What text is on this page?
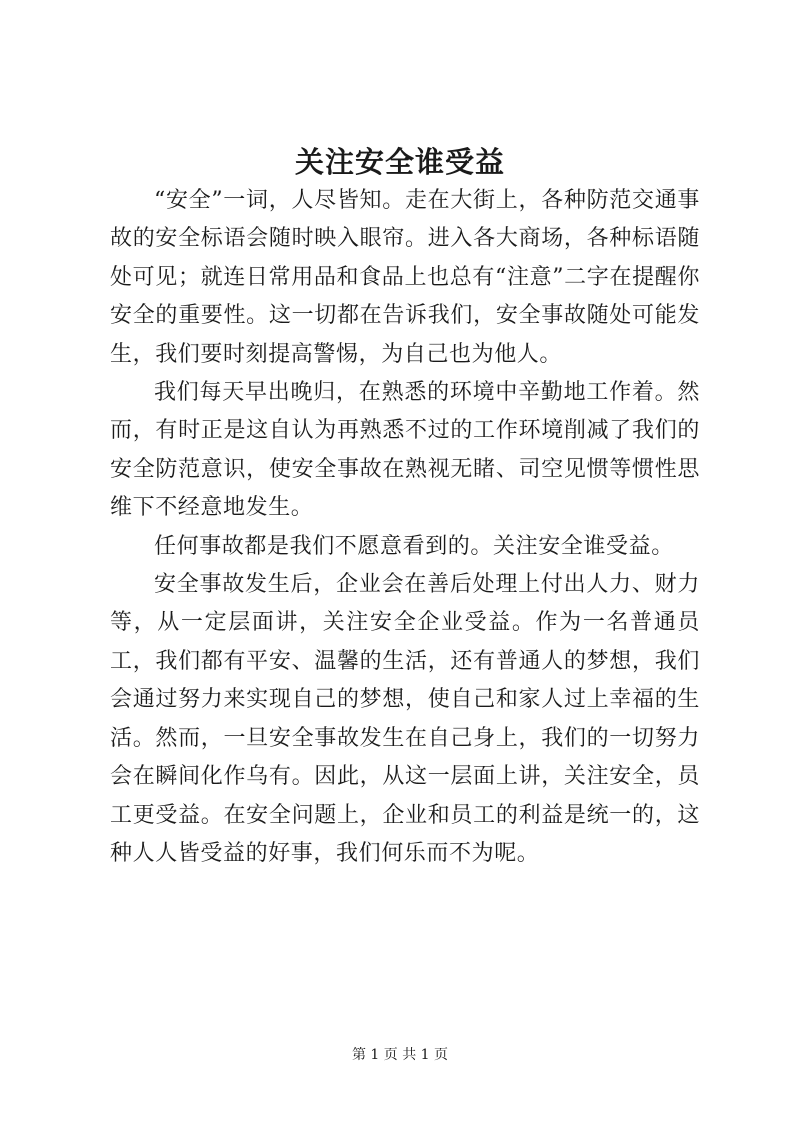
关注安全谁受益

“安全”一词，人尽皆知。走在大街上，各种防范交通事故的安全标语会随时映入眼帘。进入各大商场，各种标语随处可见；就连日常用品和食品上也总有“注意”二字在提醒你安全的重要性。这一切都在告诉我们，安全事故随处可能发生，我们要时刻提高警惕，为自己也为他人。

我们每天早出晚归，在熟悉的环境中辛勤地工作着。然而，有时正是这自认为再熟悉不过的工作环境削减了我们的安全防范意识，使安全事故在熟视无睹、司空见惯等惯性思维下不经意地发生。

任何事故都是我们不愿意看到的。关注安全谁受益。

安全事故发生后，企业会在善后处理上付出人力、财力等，从一定层面讲，关注安全企业受益。作为一名普通员工，我们都有平安、温馨的生活，还有普通人的梦想，我们会通过努力来实现自己的梦想，使自己和家人过上幸福的生活。然而，一旦安全事故发生在自己身上，我们的一切努力会在瞬间化作乌有。因此，从这一层面上讲，关注安全，员工更受益。在安全问题上，企业和员工的利益是统一的，这种人人皆受益的好事，我们何乐而不为呢。

第 1 页 共 1 页
